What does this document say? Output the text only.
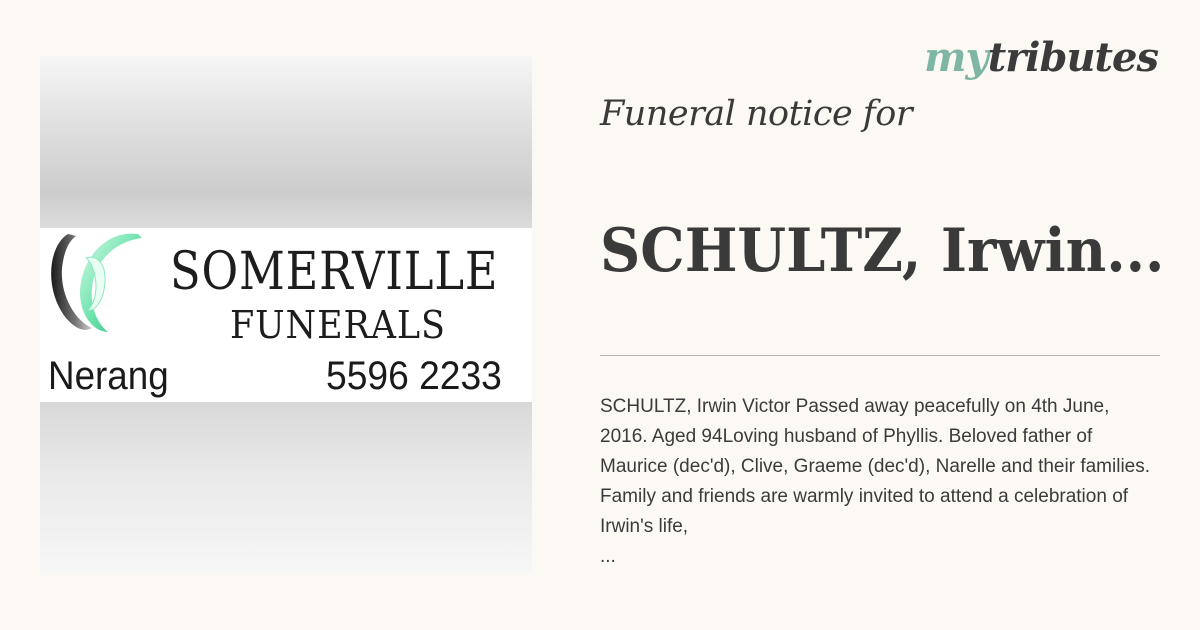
SOMERVILLE
FUNERALS
Nerang	5596 2233
mytributes
Funeral notice for
SCHULTZ, Irwin...
SCHULTZ, Irwin Victor Passed away peacefully on 4th June, 2016. Aged 94Loving husband of Phyllis. Beloved father of Maurice (dec'd), Clive, Graeme (dec'd), Narelle and their families. Family and friends are warmly invited to attend a celebration of Irwin's life,
...
